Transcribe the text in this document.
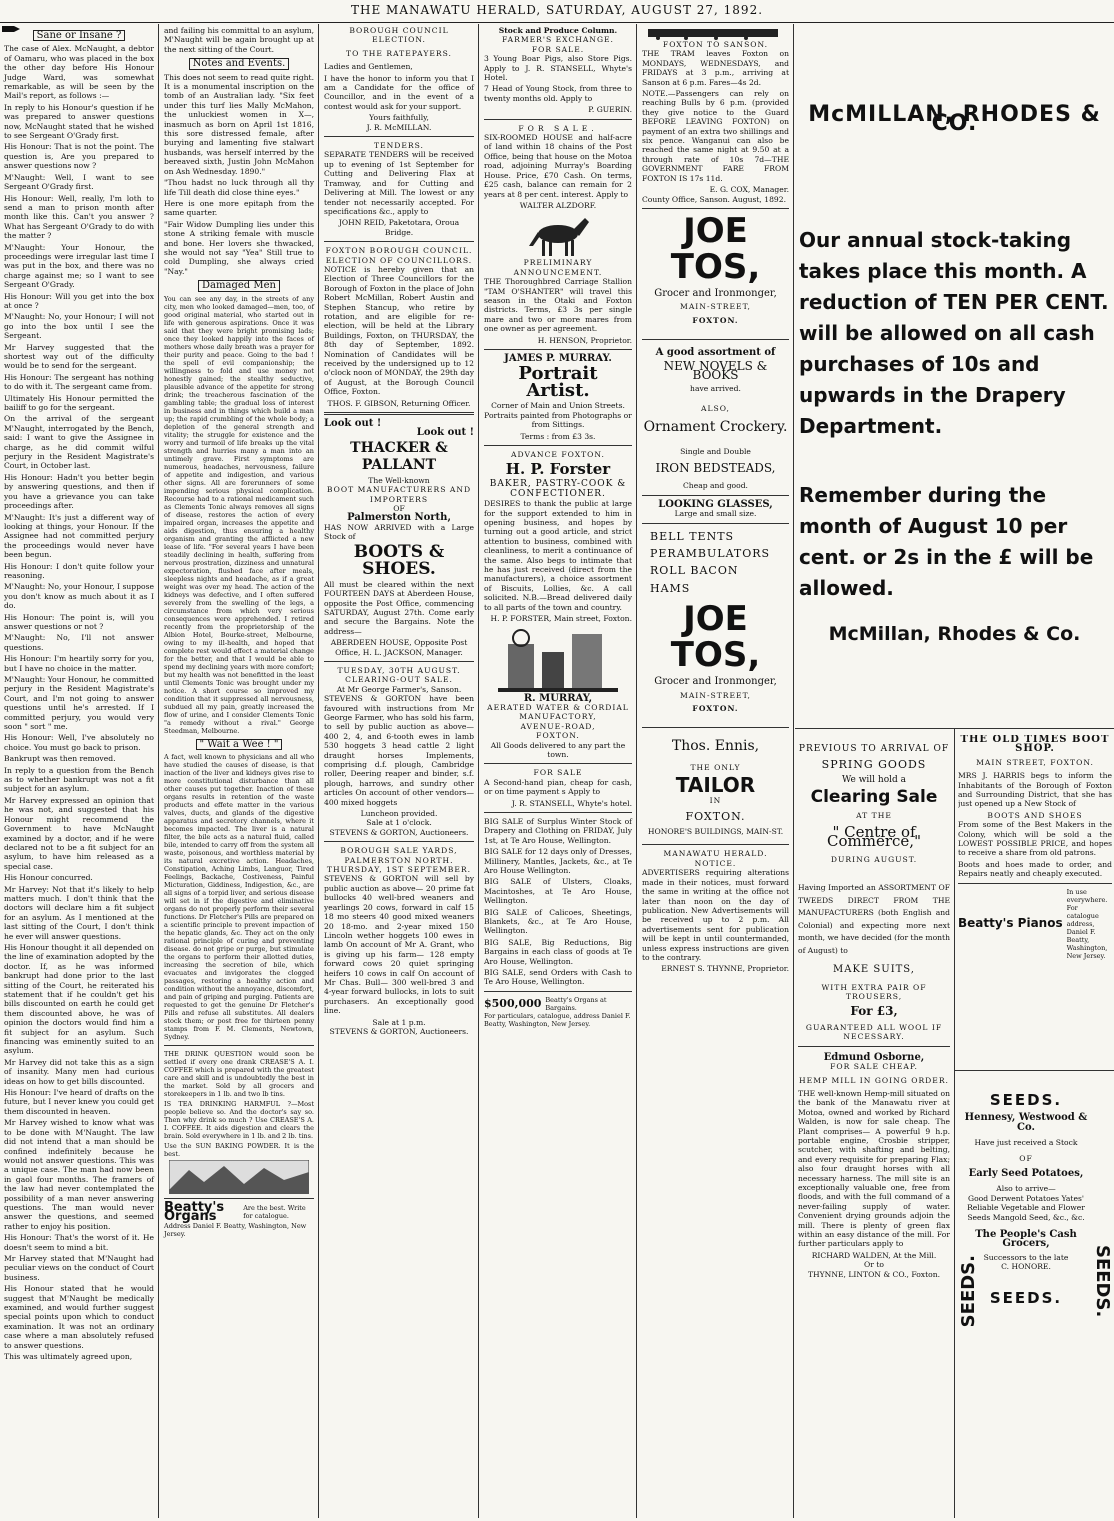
THE MANAWATU HERALD, SATURDAY, AUGUST 27, 1892.
Sane or Insane ?

The case of Alex. McNaught, a debtor of Oamaru, who was placed in the box the other day before His Honour Judge Ward, was somewhat remarkable, as will be seen by the Mail's report, as follows :—

In reply to his Honour's question if he was prepared to answer questions now, McNaught stated that he wished to see Sergeant O'Grady first.

His Honour: That is not the point. The question is, Are you prepared to answer questions now ?

M'Naught: Well, I want to see Sergeant O'Grady first.

His Honour: Well, really, I'm loth to send a man to prison month after month like this. Can't you answer ? What has Sergeant O'Grady to do with the matter ?

M'Naught: Your Honour, the proceedings were irregular last time I was put in the box, and there was no charge against me; so I want to see Sergeant O'Grady.

His Honour: Will you get into the box at once ?

M'Naught: No, your Honour; I will not go into the box until I see the Sergeant.

Mr Harvey suggested that the shortest way out of the difficulty would be to send for the sergeant.

His Honour: The sergeant has nothing to do with it. The sergeant came from.

Ultimately His Honour permitted the bailiff to go for the sergeant.

On the arrival of the sergeant M'Naught, interrogated by the Bench, said: I want to give the Assignee in charge, as he did commit wilful perjury in the Resident Magistrate's Court, in October last.

His Honour: Hadn't you better begin by answering questions, and then if you have a grievance you can take proceedings after.

M'Naught: It's just a different way of looking at things, your Honour. If the Assignee had not committed perjury the proceedings would never have been begun.

His Honour: I don't quite follow your reasoning.

M'Naught: No, your Honour, I suppose you don't know as much about it as I do.

His Honour: The point is, will you answer questions or not ?

M'Naught: No, I'll not answer questions.

His Honour: I'm heartily sorry for you, but I have no choice in the matter.

M'Naught: Your Honour, he committed perjury in the Resident Magistrate's Court, and I'm not going to answer questions until he's arrested. If I committed perjury, you would very soon " sort " me.

His Honour: Well, I've absolutely no choice. You must go back to prison.

Bankrupt was then removed.

In reply to a question from the Bench as to whether bankrupt was not a fit subject for an asylum.

Mr Harvey expressed an opinion that he was not, and suggested that his Honour might recommend the Government to have McNaught examined by a doctor, and if he were declared not to be a fit subject for an asylum, to have him released as a special case.

His Honour concurred.

Mr Harvey: Not that it's likely to help matters much. I don't think that the doctors will declare him a fit subject for an asylum. As I mentioned at the last sitting of the Court, I don't think he ever will answer questions.

His Honour thought it all depended on the line of examination adopted by the doctor. If, as he was informed bankrupt had done prior to the last sitting of the Court, he reiterated his statement that if he couldn't get his bills discounted on earth he could get them discounted above, he was of opinion the doctors would find him a fit subject for an asylum. Such financing was eminently suited to an asylum.

Mr Harvey did not take this as a sign of insanity. Many men had curious ideas on how to get bills discounted.

His Honour: I've heard of drafts on the future, but I never knew you could get them discounted in heaven.

Mr Harvey wished to know what was to be done with M'Naught. The law did not intend that a man should be confined indefinitely because he would not answer questions. This was a unique case. The man had now been in gaol four months. The framers of the law had never contemplated the possibility of a man never answering questions. The man would never answer the questions, and seemed rather to enjoy his position.

His Honour: That's the worst of it. He doesn't seem to mind a bit.

Mr Harvey stated that M'Naught had peculiar views on the conduct of Court business.

His Honour stated that he would suggest that M'Naught be medically examined, and would further suggest special points upon which to conduct examination. It was not an ordinary case where a man absolutely refused to answer questions.

This was ultimately agreed upon,

and failing his committal to an asylum, M'Naught will be again brought up at the next sitting of the Court.

Notes and Events.

This does not seem to read quite right. It is a monumental inscription on the tomb of an Australian lady. "Six feet under this turf lies Mally McMahon, the unluckiest women in X—, inasmuch as born on April 1st 1816, this sore distressed female, after burying and lamenting five stalwart husbands, was herself interred by the bereaved sixth, Justin John McMahon on Ash Wednesday. 1890."

"Thou hadst no luck through all thy life Till death did close thine eyes."

Here is one more epitaph from the same quarter.

"Fair Widow Dumpling lies under this stone A striking female with muscle and bone. Her lovers she thwacked, she would not say "Yea" Still true to cold Dumpling, she always cried "Nay."

Damaged Men

You can see any day, in the streets of any city, men who looked damaged—men, too, of good original material, who started out in life with generous aspirations. Once it was said that they were bright promising lads; once they looked happily into the faces of mothers whose daily breath was a prayer for their purity and peace. Going to the bad ! the spell of evil companionship; the willingness to fold and use money not honestly gained; the stealthy seductive, plausible advance of the appetite for strong drink; the treacherous fascination of the gambling table; the gradual loss of interest in business and in things which build a man up; the rapid crumbling of the whole body; a depletion of the general strength and vitality; the struggle for existence and the worry and turmoil of life breaks up the vital strength and hurries many a man into an untimely grave. First symptoms are numerous, headaches, nervousness, failure of appetite and indigestion, and various other signs. All are forerunners of some impending serious physical complication. Recourse had to a rational medicament such as Clements Tonic always removes all signs of disease, restores the action of every impaired organ, increases the appetite and aids digestion, thus ensuring a healthy organism and granting the afflicted a new lease of life. "For several years I have been steadily declining in health, suffering from nervous prostration, dizziness and unnatural expectoration, flushed face after meals, sleepless nights and headache, as if a great weight was over my head. The action of the kidneys was defective, and I often suffered severely from the swelling of the legs, a circumstance from which very serious consequences were apprehended. I retired recently from the proprietorship of the Albion Hotel, Bourke-street, Melbourne, owing to my ill-health, and hoped that complete rest would effect a material change for the better, and that I would be able to spend my declining years with more comfort; but my health was not benefitted in the least until Clements Tonic was brought under my notice. A short course so improved my condition that it suppressed all nervousness, subdued all my pain, greatly increased the flow of urine, and I consider Clements Tonic "a remedy without a rival." George Steedman, Melbourne.

" Wait a Wee ! "

A fact, well known to physicians and all who have studied the causes of disease, is that inaction of the liver and kidneys gives rise to more constitutional disturbance than all other causes put together. Inaction of these organs results in retention of the waste products and effete matter in the various valves, ducts, and glands of the digestive apparatus and secretory channels, where it becomes impacted. The liver is a natural filter, the bile acts as a natural fluid, called bile, intended to carry off from the system all waste, poisonous, and worthless material by its natural excretive action. Headaches, Constipation, Aching Limbs, Languor, Tired Feelings, Backache, Costiveness, Painful Micturation, Giddiness, Indigestion, &c., are all signs of a torpid liver, and serious disease will set in if the digestive and eliminative organs do not properly perform their several functions. Dr Fletcher's Pills are prepared on a scientific principle to prevent impaction of the hepatic glands, &c. They act on the only rational principle of curing and preventing disease. do not gripe or purge, but stimulate the organs to perform their allotted duties, increasing the secretion of bile, which evacuates and invigorates the clogged passages, restoring a healthy action and condition without the annoyance, discomfort, and pain of griping and purging. Patients are requested to get the genuine Dr Fletcher's Pills and refuse all substitutes. All dealers stock them; or post free for thirteen penny stamps from F. M. Clements, Newtown, Sydney.

THE DRINK QUESTION would soon be settled if every one drank CREASE'S A. I. COFFEE which is prepared with the greatest care and skill and is undoubtedly the best in the market. Sold by all grocers and storekeepers in 1 lb. and two lb tins.

IS TEA DRINKING HARMFUL ?—Most people believe so. And the doctor's say so. Then why drink so much ? Use CREASE'S A. I. COFFEE. It aids digestion and clears the brain. Sold everywhere in 1 lb. and 2 lb. tins.

Use the SUN BAKING POWDER. It is the best.

Beatty's Organs
Are the best. Write for catalogue.
Address Daniel F. Beatty, Washington, New Jersey.
BOROUGH COUNCIL ELECTION.
TO THE RATEPAYERS.

Ladies and Gentlemen,

I have the honor to inform you that I am a Candidate for the office of Councillor, and in the event of a contest would ask for your support.

Yours faithfully,
J. R. McMILLAN.
TENDERS.

SEPARATE TENDERS will be received up to evening of 1st September for Cutting and Delivering Flax at Tramway, and for Cutting and Delivering at Mill. The lowest or any tender not necessarily accepted. For specifications &c., apply to

JOHN REID, Paketotara, Oroua Bridge.
FOXTON BOROUGH COUNCIL.
ELECTION OF COUNCILLORS.

NOTICE is hereby given that an Election of Three Councillors for the Borough of Foxton in the place of John Robert McMillan, Robert Austin and Stephen Stancup, who retire by rotation, and are eligible for re-election, will be held at the Library Buildings, Foxton, on THURSDAY, the 8th day of September, 1892. Nomination of Candidates will be received by the undersigned up to 12 o'clock noon of MONDAY, the 29th day of August, at the Borough Council Office, Foxton.

THOS. F. GIBSON, Returning Officer.
Look out !
Look out !
THACKER & PALLANT
The Well-known
BOOT MANUFACTURERS AND IMPORTERS
OF
Palmerston North,

HAS NOW ARRIVED with a Large Stock of

BOOTS & SHOES.

All must be cleared within the next FOURTEEN DAYS at Aberdeen House, opposite the Post Office, commencing SATURDAY, August 27th. Come early and secure the Bargains. Note the address—

ABERDEEN HOUSE, Opposite Post Office, H. L. JACKSON, Manager.
TUESDAY, 30TH AUGUST.
CLEARING-OUT SALE.
At Mr George Farmer's, Sanson.

STEVENS & GORTON have been favoured with instructions from Mr George Farmer, who has sold his farm, to sell by public auction as above— 400 2, 4, and 6-tooth ewes in lamb 530 hoggets 3 head cattle 2 light draught horses Implements, comprising d.f. plough, Cambridge roller, Deering reaper and binder, s.f. plough, harrows, and sundry other articles On account of other vendors— 400 mixed hoggets

Luncheon provided.
Sale at 1 o'clock.
STEVENS & GORTON, Auctioneers.
BOROUGH SALE YARDS, PALMERSTON NORTH.
THURSDAY, 1ST SEPTEMBER.

STEVENS & GORTON will sell by public auction as above— 20 prime fat bullocks 40 well-bred weaners and yearlings 20 cows, forward in calf 15 18 mo steers 40 good mixed weaners 20 18-mo. and 2-year mixed 150 Lincoln wether hoggets 100 ewes in lamb On account of Mr A. Grant, who is giving up his farm— 128 empty forward cows 20 quiet springing heifers 10 cows in calf On account of Mr Chas. Bull— 300 well-bred 3 and 4-year forward bullocks, in lots to suit purchasers. An exceptionally good line.

Sale at 1 p.m.
STEVENS & GORTON, Auctioneers.
Stock and Produce Column.
FARMER'S EXCHANGE.
FOR SALE.

3 Young Boar Pigs, also Store Pigs. Apply to J. R. STANSELL, Whyte's Hotel.

7 Head of Young Stock, from three to twenty months old. Apply to

P. GUERIN.
FOR SALE.

SIX-ROOMED HOUSE and half-acre of land within 18 chains of the Post Office, being that house on the Motoa road, adjoining Murray's Boarding House. Price, £70 Cash. On terms, £25 cash, balance can remain for 2 years at 8 per cent. interest. Apply to

WALTER ALZDORF.
PRELIMINARY ANNOUNCEMENT.

THE Thoroughbred Carriage Stallion "TAM O'SHANTER" will travel this season in the Otaki and Foxton districts. Terms, £3 3s per single mare and two or more mares from one owner as per agreement.

H. HENSON, Proprietor.
JAMES P. MURRAY.
Portrait Artist.

Corner of Main and Union Streets. Portraits painted from Photographs or from Sittings.

Terms : from £3 3s.
ADVANCE FOXTON.
H. P. Forster
BAKER, PASTRY-COOK & CONFECTIONER.

DESIRES to thank the public at large for the support extended to him in opening business, and hopes by turning out a good article, and strict attention to business, combined with cleanliness, to merit a continuance of the same. Also begs to intimate that he has just received (direct from the manufacturers), a choice assortment of Biscuits, Lollies, &c. A call solicited. N.B.—Bread delivered daily to all parts of the town and country.

H. P. FORSTER, Main street, Foxton.
R. MURRAY,
AERATED WATER & CORDIAL MANUFACTORY,
AVENUE-ROAD,
FOXTON.

All Goods delivered to any part the town.

FOR SALE

A Second-hand pian, cheap for cash, or on time payment s Apply to

J. R. STANSELL, Whyte's hotel.

BIG SALE of Surplus Winter Stock of Drapery and Clothing on FRIDAY, July 1st, at Te Aro House, Wellington.

BIG SALE for 12 days only of Dresses, Millinery, Mantles, Jackets, &c., at Te Aro House Wellington.

BIG SALE of Ulsters, Cloaks, Macintoshes, at Te Aro House, Wellington.

BIG SALE of Calicoes, Sheetings, Blankets, &c., at Te Aro House, Wellington.

BIG SALE, Big Reductions, Big Bargains in each class of goods at Te Aro House, Wellington.

BIG SALE, send Orders with Cash to Te Aro House, Wellington.

$500,000 Beatty's Organs at Bargains.
For particulars, catalogue, address Daniel F. Beatty, Washington, New Jersey.
FOXTON TO SANSON.

THE TRAM leaves Foxton on MONDAYS, WEDNESDAYS, and FRIDAYS at 3 p.m., arriving at Sanson at 6 p.m. Fares—4s 2d.

NOTE.—Passengers can rely on reaching Bulls by 6 p.m. (provided they give notice to the Guard BEFORE LEAVING FOXTON) on payment of an extra two shillings and six pence. Wanganui can also be reached the same night at 9.50 at a through rate of 10s 7d—THE GOVERNMENT FARE FROM FOXTON IS 17s 11d.

E. G. COX, Manager.
County Office, Sanson. August, 1892.
JOE TOS,
Grocer and Ironmonger,
MAIN-STREET,
FOXTON.
A good assortment of
NEW NOVELS & BOOKS
have arrived.
ALSO,
Ornament Crockery.
Single and Double
IRON BEDSTEADS,
Cheap and good.
LOOKING GLASSES,
Large and small size.
BELL TENTS
PERAMBULATORS
ROLL BACON
HAMS
JOE TOS,
Grocer and Ironmonger,
MAIN-STREET,
FOXTON.
Thos. Ennis,
THE ONLY
TAILOR
IN
FOXTON.
HONORE'S BUILDINGS, MAIN-ST.
MANAWATU HERALD.
NOTICE.

ADVERTISERS requiring alterations made in their notices, must forward the same in writing at the office not later than noon on the day of publication. New Advertisements will be received up to 2 p.m. All advertisements sent for publication will be kept in until countermanded, unless express instructions are given to the contrary.

ERNEST S. THYNNE, Proprietor.
McMILLAN, RHODES & CO.
Our annual stock-taking takes place this month. A reduction of TEN PER CENT. will be allowed on all cash purchases of 10s and upwards in the Drapery Department.
Remember during the month of August 10 per cent. or 2s in the £ will be allowed.
McMillan, Rhodes & Co.
PREVIOUS TO ARRIVAL OF
SPRING GOODS
We will hold a
Clearing Sale
AT THE
" Centre of Commerce,"
DURING AUGUST.

Having Imported an ASSORTMENT OF TWEEDS DIRECT FROM THE MANUFACTURERS (both English and Colonial) and expecting more next month, we have decided (for the month of August) to

MAKE SUITS,
WITH EXTRA PAIR OF TROUSERS,
For £3,
GUARANTEED ALL WOOL IF NECESSARY.
Edmund Osborne,
FOR SALE CHEAP.
HEMP MILL IN GOING ORDER.

THE well-known Hemp-mill situated on the bank of the Manawatu river at Motoa, owned and worked by Richard Walden, is now for sale cheap. The Plant comprises— A powerful 9 h.p. portable engine, Crosbie stripper, scutcher, with shafting and belting, and every requisite for preparing Flax; also four draught horses with all necessary harness. The mill site is an exceptionally valuable one, free from floods, and with the full command of a never-failing supply of water. Convenient drying grounds adjoin the mill. There is plenty of green flax within an easy distance of the mill. For further particulars apply to

RICHARD WALDEN, At the Mill.
Or to
THYNNE, LINTON & CO., Foxton.
THE OLD TIMES BOOT SHOP.
MAIN STREET, FOXTON.

MRS J. HARRIS begs to inform the Inhabitants of the Borough of Foxton and Surrounding District, that she has just opened up a New Stock of

BOOTS AND SHOES

From some of the Best Makers in the Colony, which will be sold a the LOWEST POSSIBLE PRICE, and hopes to receive a share from old patrons.

Boots and hoes made to order, and Repairs neatly and cheaply executed.

Beatty's Pianos
In use everywhere. For catalogue address, Daniel F. Beatty, Washington, New Jersey.
SEEDS.
Hennesy, Westwood & Co.
Have just received a Stock
OF
Early Seed Potatoes,
Also to arrive—

Good Derwent Potatoes Yates' Reliable Vegetable and Flower Seeds Mangold Seed, &c., &c.

The People's Cash Grocers,
Successors to the late
C. HONORE.
SEEDS.
SEEDS.	SEEDS.
